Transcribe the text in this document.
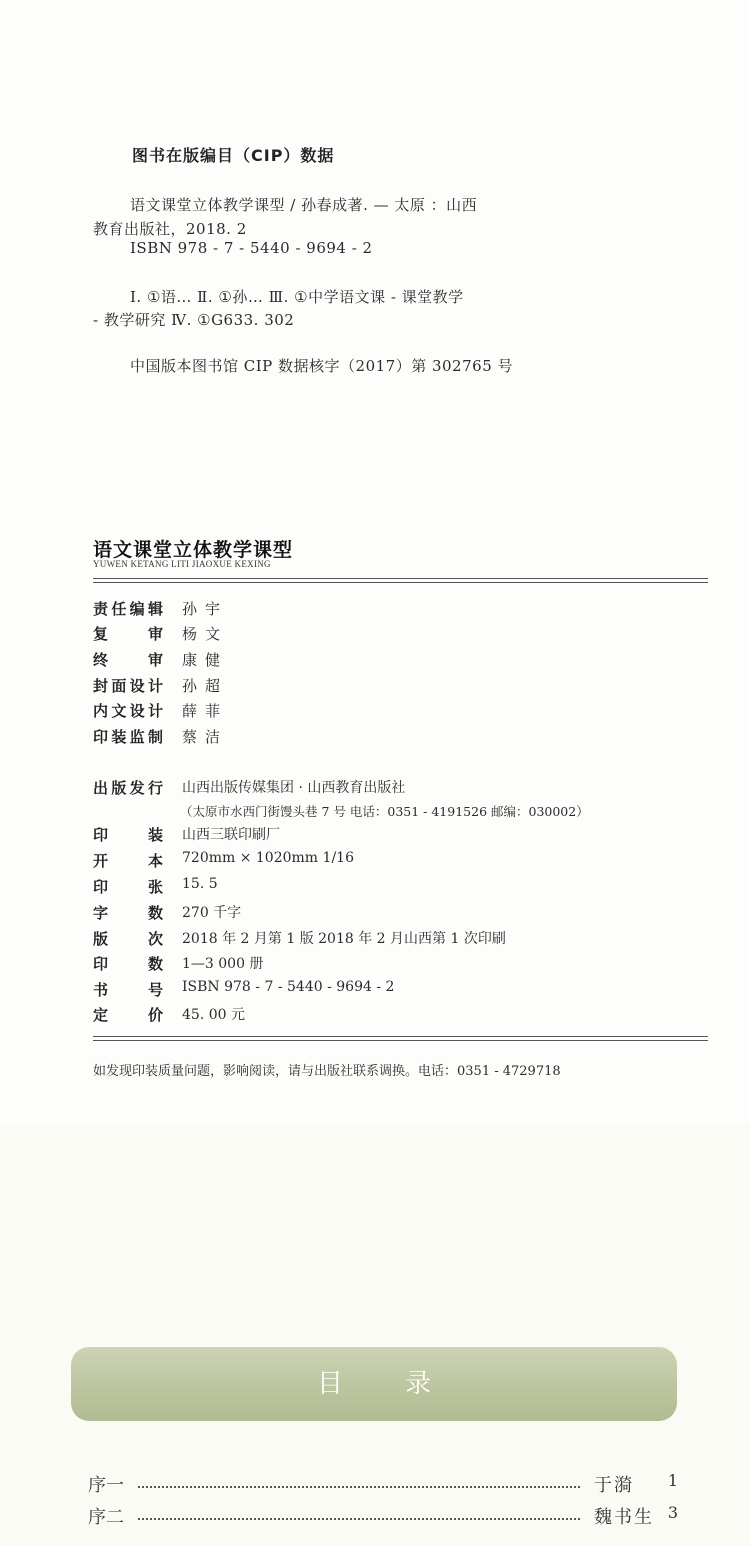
图书在版编目（CIP）数据
语文课堂立体教学课型 / 孙春成著. — 太原 ：山西
教育出版社，2018. 2
ISBN 978 - 7 - 5440 - 9694 - 2
Ⅰ. ①语… Ⅱ. ①孙… Ⅲ. ①中学语文课 - 课堂教学
- 教学研究 Ⅳ. ①G633. 302
中国版本图书馆 CIP 数据核字（2017）第 302765 号
语文课堂立体教学课型
YUWEN KETANG LITI JIAOXUE KEXING
责任编辑 孙宇
复审 杨文
终审 康健
封面设计 孙超
内文设计 薛菲
印装监制 蔡洁
出版发行 山西出版传媒集团 · 山西教育出版社
（太原市水西门街馒头巷 7 号 电话：0351 - 4191526 邮编：030002）
印装 山西三联印刷厂
开本 720mm × 1020mm 1/16
印张 15. 5
字数 270 千字
版次 2018 年 2 月第 1 版 2018 年 2 月山西第 1 次印刷
印数 1—3 000 册
书号 ISBN 978 - 7 - 5440 - 9694 - 2
定价 45. 00 元
如发现印装质量问题，影响阅读，请与出版社联系调换。电话：0351 - 4729718
目录
序一	于漪 1
序二	魏书生 3
